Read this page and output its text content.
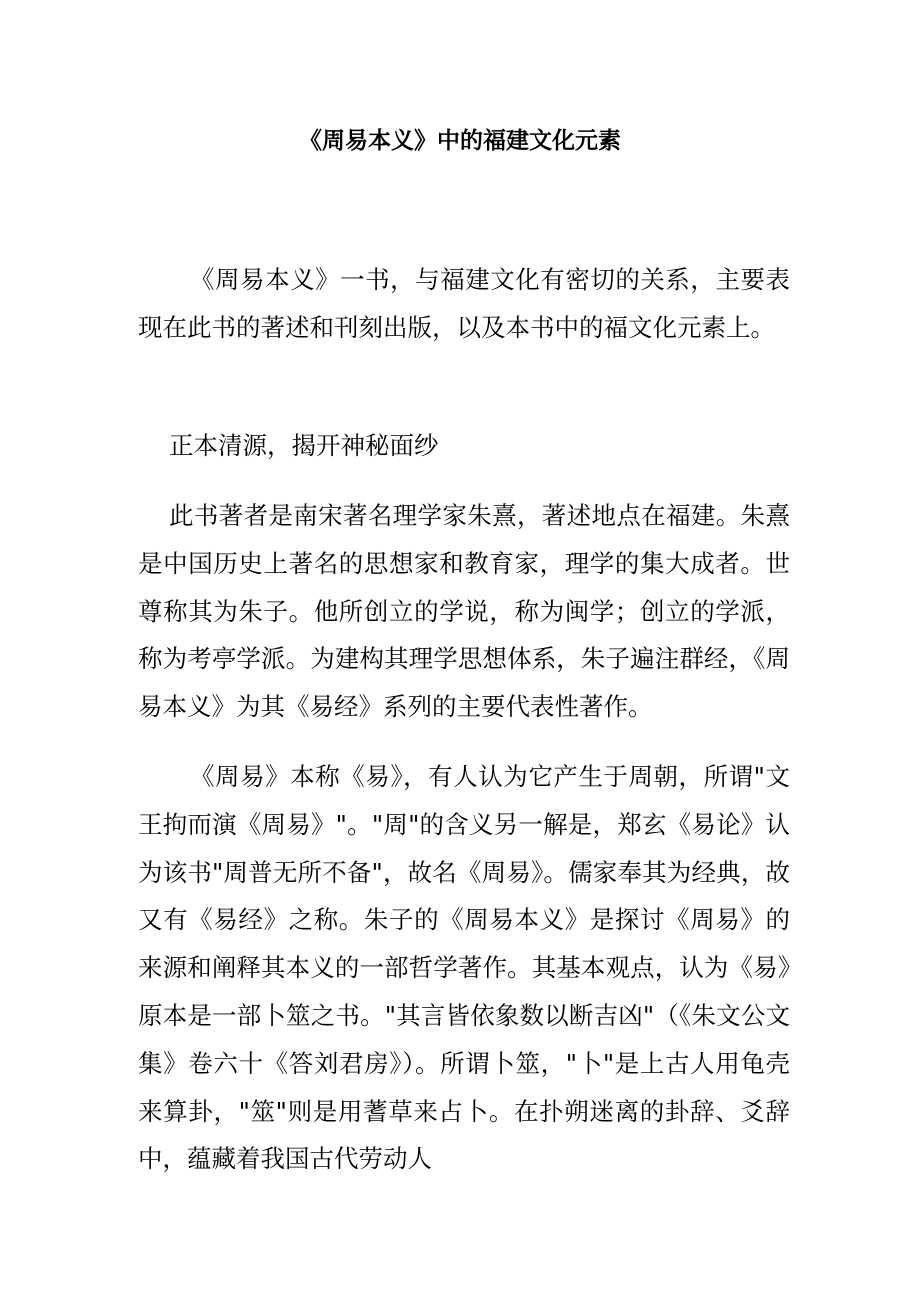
《周易本义》中的福建文化元素

《周易本义》一书，与福建文化有密切的关系，主要表现在此书的著述和刊刻出版，以及本书中的福文化元素上。

正本清源，揭开神秘面纱

此书著者是南宋著名理学家朱熹，著述地点在福建。朱熹是中国历史上著名的思想家和教育家，理学的集大成者。世尊称其为朱子。他所创立的学说，称为闽学；创立的学派，称为考亭学派。为建构其理学思想体系，朱子遍注群经，《周易本义》为其《易经》系列的主要代表性著作。

《周易》本称《易》，有人认为它产生于周朝，所谓"文王拘而演《周易》"。"周"的含义另一解是，郑玄《易论》认为该书"周普无所不备"，故名《周易》。儒家奉其为经典，故又有《易经》之称。朱子的《周易本义》是探讨《周易》的来源和阐释其本义的一部哲学著作。其基本观点，认为《易》原本是一部卜筮之书。"其言皆依象数以断吉凶"（《朱文公文集》卷六十《答刘君房》）。所谓卜筮，"卜"是上古人用龟壳来算卦，"筮"则是用蓍草来占卜。在扑朔迷离的卦辞、爻辞中，蕴藏着我国古代劳动人
